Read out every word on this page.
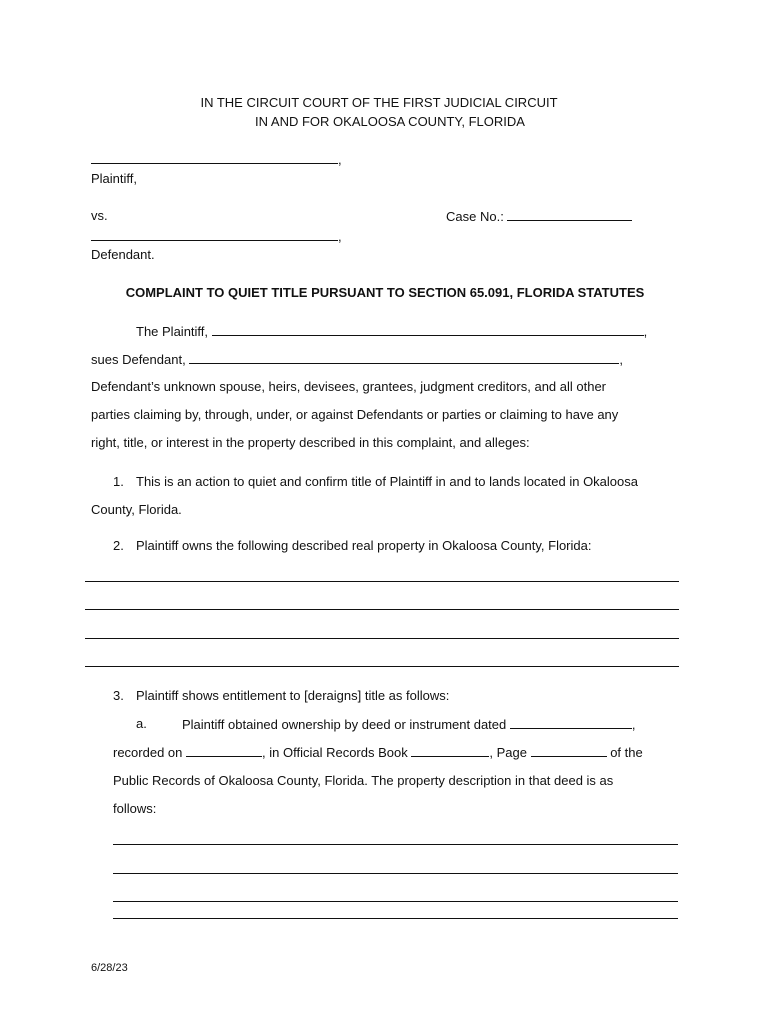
IN THE CIRCUIT COURT OF THE FIRST JUDICIAL CIRCUIT
IN AND FOR OKALOOSA COUNTY, FLORIDA
,
Plaintiff,
vs.	Case No.:
,
Defendant.
COMPLAINT TO QUIET TITLE PURSUANT TO SECTION 65.091, FLORIDA STATUTES
The Plaintiff,	,
sues Defendant,	,
Defendant’s unknown spouse, heirs, devisees, grantees, judgment creditors, and all other
parties claiming by, through, under, or against Defendants or parties or claiming to have any
right, title, or interest in the property described in this complaint, and alleges:
1. This is an action to quiet and confirm title of Plaintiff in and to lands located in Okaloosa
County, Florida.
2. Plaintiff owns the following described real property in Okaloosa County, Florida:
3. Plaintiff shows entitlement to [deraigns] title as follows:
a.	Plaintiff obtained ownership by deed or instrument dated	,
recorded on	, in Official Records Book	, Page	of the
Public Records of Okaloosa County, Florida. The property description in that deed is as
follows:
6/28/23
